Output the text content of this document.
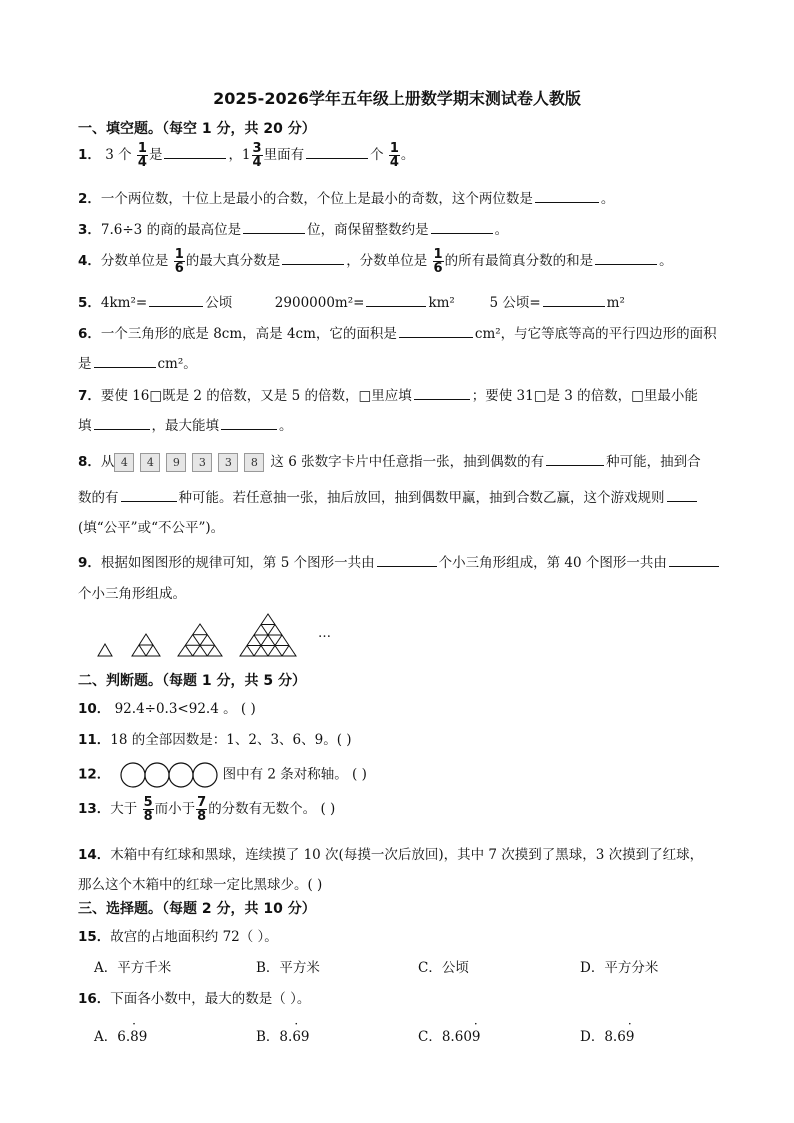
2025-2026学年五年级上册数学期末测试卷人教版
一、填空题。（每空 1 分，共 20 分）
1． 3 个 $\frac{1}{4}$ 是	，$1 \frac{3}{4}$ 里面有	个 $\frac{1}{4}$ 。
2．一个两位数，十位上是最小的合数，个位上是最小的奇数，这个两位数是	。
3．7.6÷3 的商的最高位是	位，商保留整数约是	。
4．分数单位是 $\frac{1}{6}$ 的最大真分数是	，分数单位是 $\frac{1}{6}$ 的所有最简真分数的和是	。
5．4km²=	公顷	2900000m²=	km²	5 公顷=	m²
6．一个三角形的底是 8cm，高是 4cm，它的面积是	cm²，与它等底等高的平行四边形的面积
是	cm²。
7．要使 16□既是 2 的倍数，又是 5 的倍数，□里应填	；要使 31□是 3 的倍数，□里最小能
填	，最大能填	。
8．从 4 4 9 3 3 8 这 6 张数字卡片中任意指一张，抽到偶数的有	种可能，抽到合
数的有	种可能。若任意抽一张，抽后放回，抽到偶数甲赢，抽到合数乙赢，这个游戏规则
(填“公平”或“不公平”)。
9．根据如图图形的规律可知，第 5 个图形一共由	个小三角形组成，第 40 个图形一共由
个小三角形组成。
…
二、判断题。（每题 1 分，共 5 分）
10． 92.4÷0.3<92.4 。 ( )
11．18 的全部因数是：1、2、3、6、9。( )
12．	图中有 2 条对称轴。 ( )
13．大于 $\frac{5}{8}$ 而小于 $\frac{7}{8}$ 的分数有无数个。 ( )
14．木箱中有红球和黑球，连续摸了 10 次(每摸一次后放回)，其中 7 次摸到了黑球，3 次摸到了红球，
那么这个木箱中的红球一定比黑球少。( )
三、选择题。（每题 2 分，共 10 分）
15．故宫的占地面积约 72（ ）。
A．平方千米	B．平方米	C．公顷	D．平方分米
16．下面各小数中，最大的数是（ ）。
A．6.· 89	B．8.· 69	C．8.60· 9	D．8.6· 9
